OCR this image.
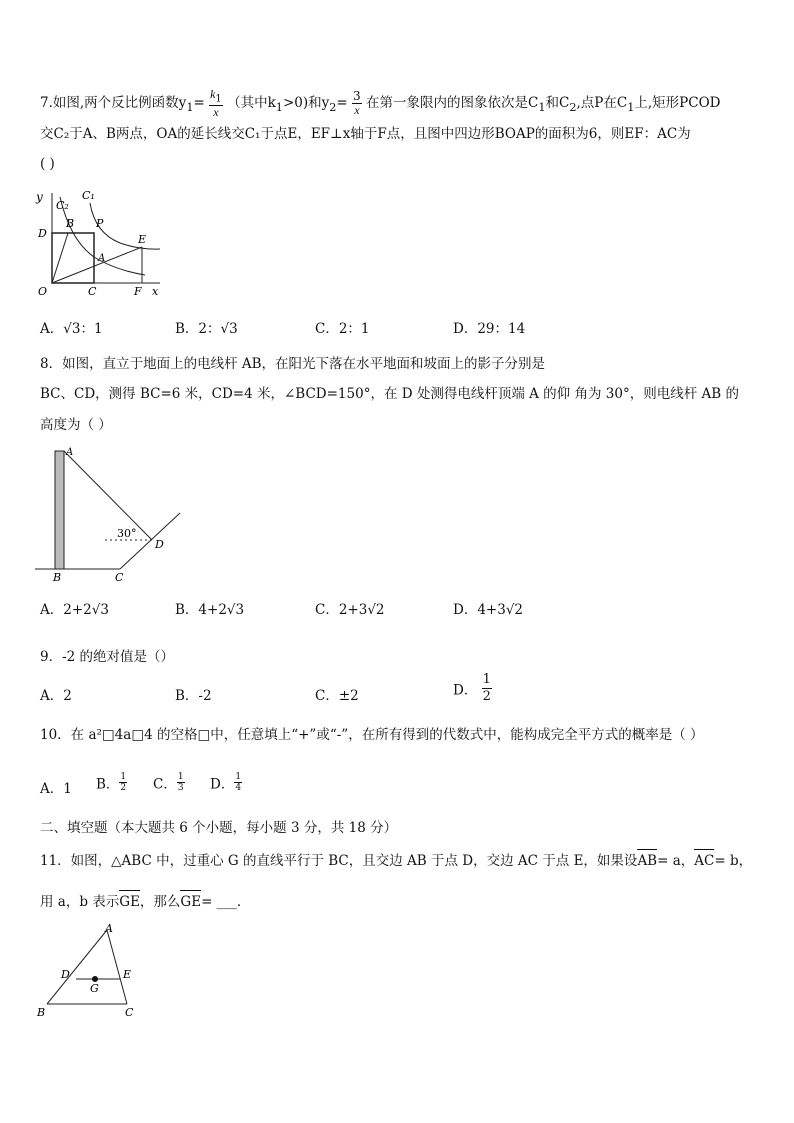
7.如图,两个反比例函数$y_1= \frac{k_1}{x}$ （其中$k_1>0$)和$y_2= \frac{3}{x}$ 在第一象限内的图象依次是$C_1$和$C_2$,点P在$C_1$上,矩形PCOD
交C₂于A、B两点，OA的延长线交C₁于点E，EF⊥x轴于F点，且图中四边形BOAP的面积为6，则EF：AC为
( )
y
C₂
C₁
B P
D	E
A
O	C	F x
A．√3：1	B．2：√3	C．2：1	D．29：14
8．如图，直立于地面上的电线杆 AB，在阳光下落在水平地面和坡面上的影子分别是
BC、CD，测得 BC=6 米，CD=4 米，∠BCD=150°，在 D 处测得电线杆顶端 A 的仰 角为 30°，则电线杆 AB 的
高度为（ ）
A
30°
D
B	C
A．2+2√3	B．4+2√3	C．2+3√2	D．4+3√2
9．-2 的绝对值是（）
A．2	B．-2	C．±2	D． $\frac{1}{2}$
10．在 a²□4a□4 的空格□中，任意填上“+”或“-”，在所有得到的代数式中，能构成完全平方式的概率是（ ）
A．1 B． $\frac{1}{2}$ C． $\frac{1}{3}$ D． $\frac{1}{4}$
二、填空题（本大题共 6 个小题，每小题 3 分，共 18 分）
11．如图，△ABC 中，过重心 G 的直线平行于 BC，且交边 AB 于点 D，交边 AC 于点 E，如果设AB= a，AC= b，
用 a，b 表示GE，那么GE= ___．
A
D	E
G
B	C
